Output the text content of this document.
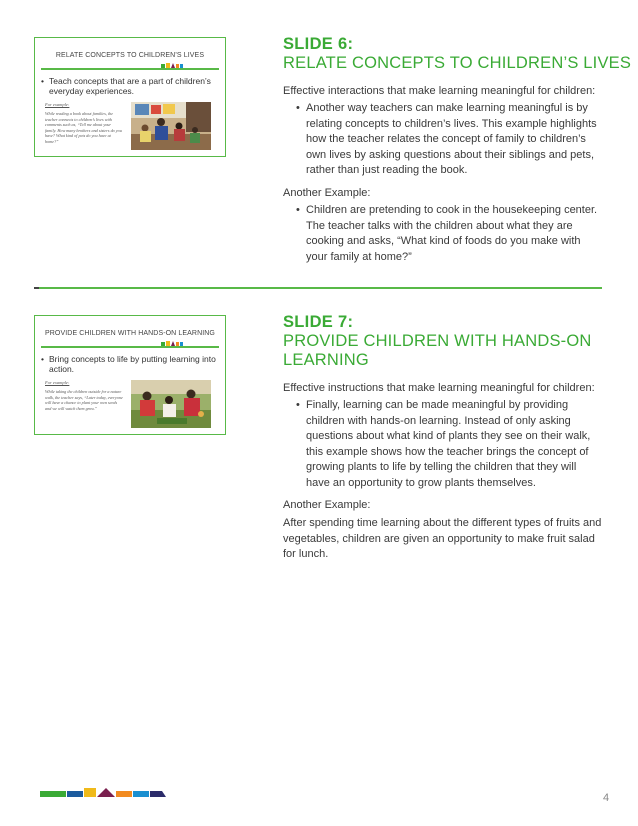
RELATE CONCEPTS TO CHILDREN’S LIVES
• Teach concepts that are a part of children’s everyday experiences.
For example:
While reading a book about families, the teacher connects to children’s lives with comments such as, “Tell me about your family. How many brothers and sisters do you have? What kind of pets do you have at home?”
SLIDE 6:
RELATE CONCEPTS TO CHILDREN’S LIVES
Effective interactions that make learning meaningful for children:
• Another way teachers can make learning meaningful is by relating concepts to children’s lives. This example highlights how the teacher relates the concept of family to children’s own lives by asking questions about their siblings and pets, rather than just reading the book.
Another Example:
• Children are pretending to cook in the housekeeping center. The teacher talks with the children about what they are cooking and asks, “What kind of foods do you make with your family at home?”
PROVIDE CHILDREN WITH HANDS-ON LEARNING
• Bring concepts to life by putting learning into action.
For example:
While taking the children outside for a nature walk, the teacher says, “Later today, everyone will have a chance to plant your own seeds and we will watch them grow.”
SLIDE 7:
PROVIDE CHILDREN WITH HANDS-ON
LEARNING
Effective instructions that make learning meaningful for children:
• Finally, learning can be made meaningful by providing children with hands-on learning. Instead of only asking questions about what kind of plants they see on their walk, this example shows how the teacher brings the concept of growing plants to life by telling the children that they will have an opportunity to grow plants themselves.
Another Example:
After spending time learning about the different types of fruits and vegetables, children are given an opportunity to make fruit salad for lunch.
4
